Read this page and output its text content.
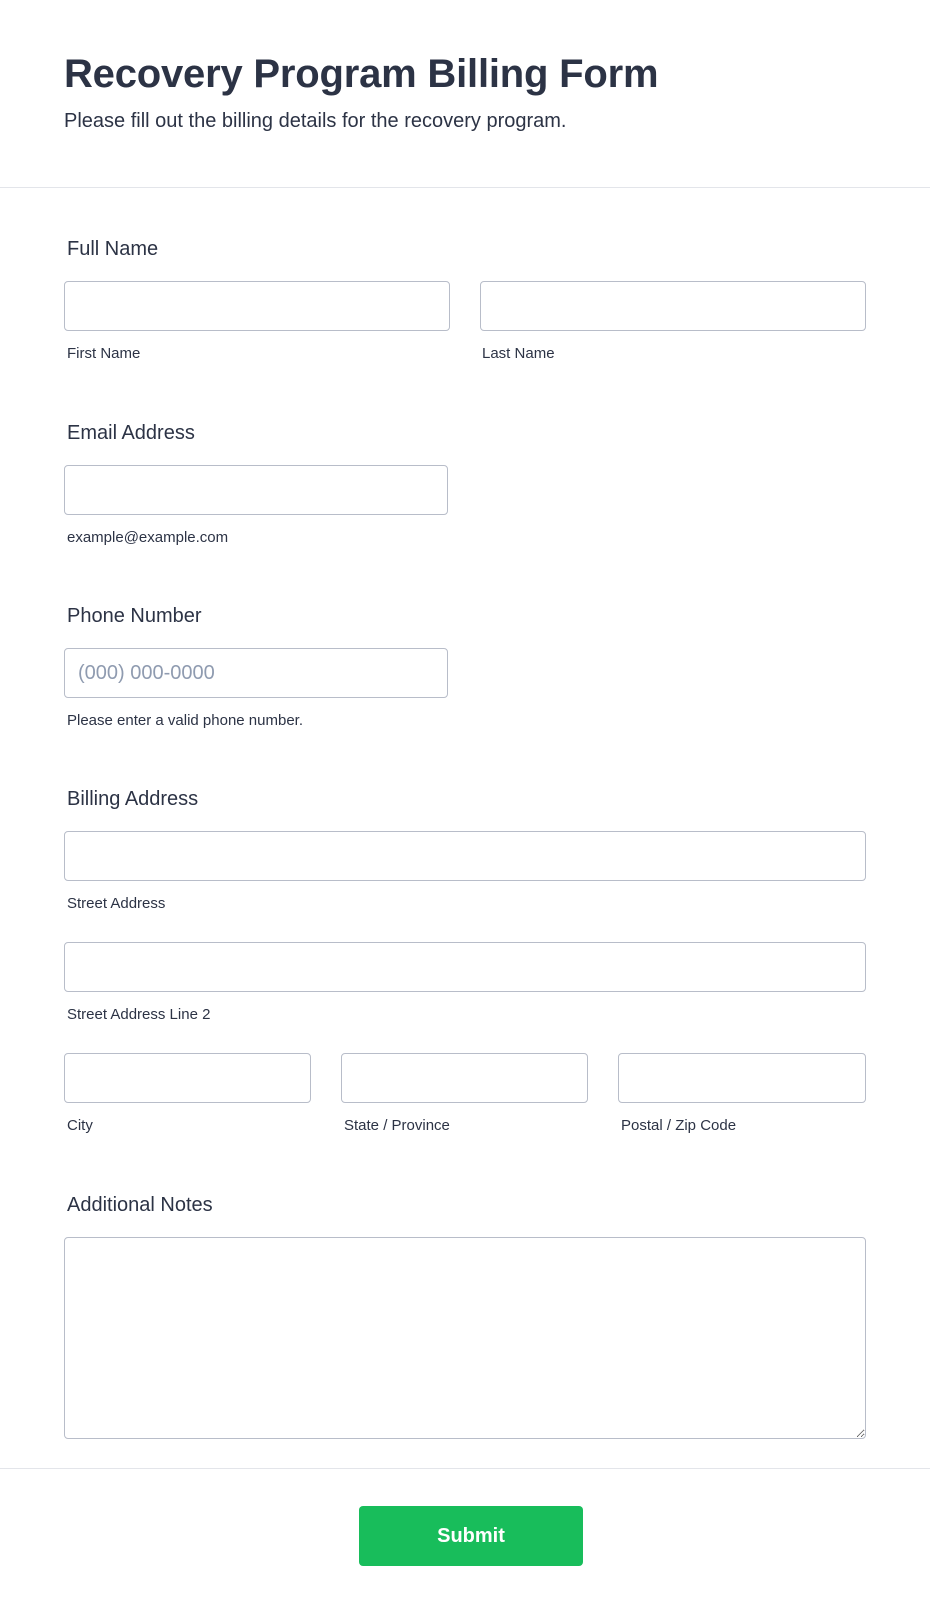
Recovery Program Billing Form

Please fill out the billing details for the recovery program.

Full Name
First Name	Last Name
Email Address
example@example.com
Phone Number
(000) 000-0000
Please enter a valid phone number.
Billing Address
Street Address
Street Address Line 2
City	State / Province	Postal / Zip Code
Additional Notes
Submit
